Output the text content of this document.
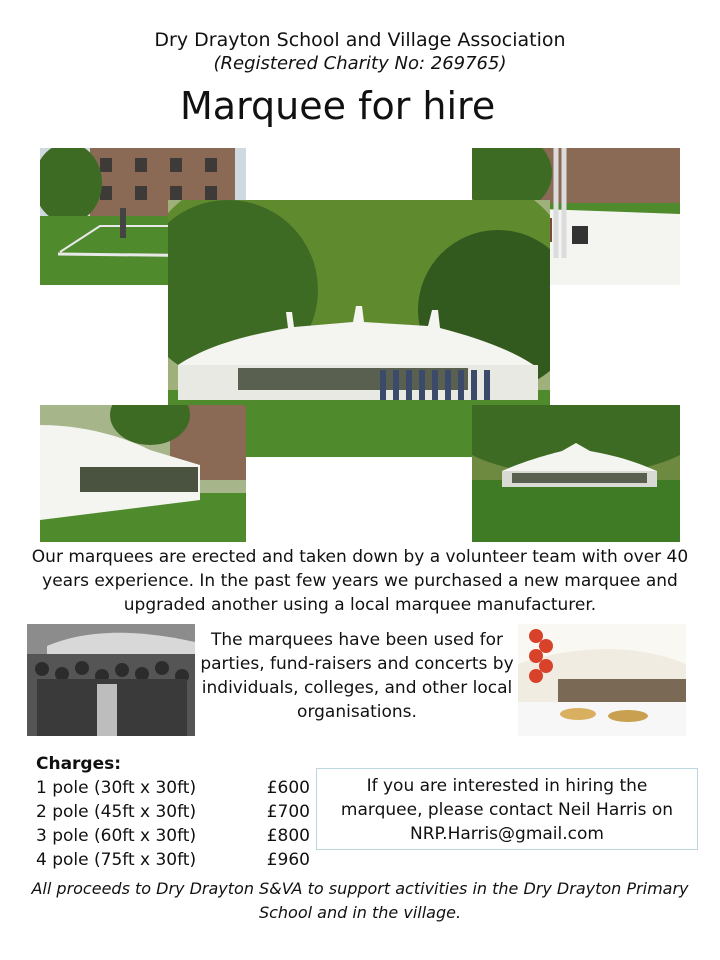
Dry Drayton School and Village Association
(Registered Charity No: 269765)
Marquee for hire
Our marquees are erected and taken down by a volunteer team with over 40 years experience. In the past few years we purchased a new marquee and upgraded another using a local marquee manufacturer.
The marquees have been used for parties, fund-raisers and concerts by individuals, colleges, and other local organisations.
Charges:
1 pole (30ft x 30ft)	£600
2 pole (45ft x 30ft)	£700
3 pole (60ft x 30ft)	£800
4 pole (75ft x 30ft)	£960
If you are interested in hiring the
marquee, please contact Neil Harris on
NRP.Harris@gmail.com
All proceeds to Dry Drayton S&VA to support activities in the Dry Drayton Primary School and in the village.
